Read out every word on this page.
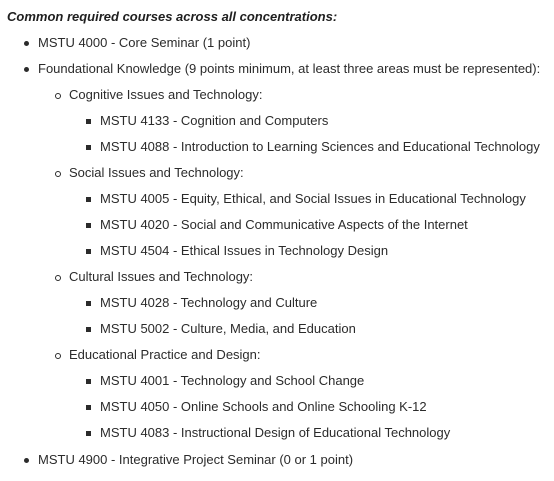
Common required courses across all concentrations:
MSTU 4000 - Core Seminar (1 point)
Foundational Knowledge (9 points minimum, at least three areas must be represented):
Cognitive Issues and Technology:
MSTU 4133 - Cognition and Computers
MSTU 4088 - Introduction to Learning Sciences and Educational Technology
Social Issues and Technology:
MSTU 4005 - Equity, Ethical, and Social Issues in Educational Technology
MSTU 4020 - Social and Communicative Aspects of the Internet
MSTU 4504 - Ethical Issues in Technology Design
Cultural Issues and Technology:
MSTU 4028 - Technology and Culture
MSTU 5002 - Culture, Media, and Education
Educational Practice and Design:
MSTU 4001 - Technology and School Change
MSTU 4050 - Online Schools and Online Schooling K-12
MSTU 4083 - Instructional Design of Educational Technology
MSTU 4900 - Integrative Project Seminar (0 or 1 point)
